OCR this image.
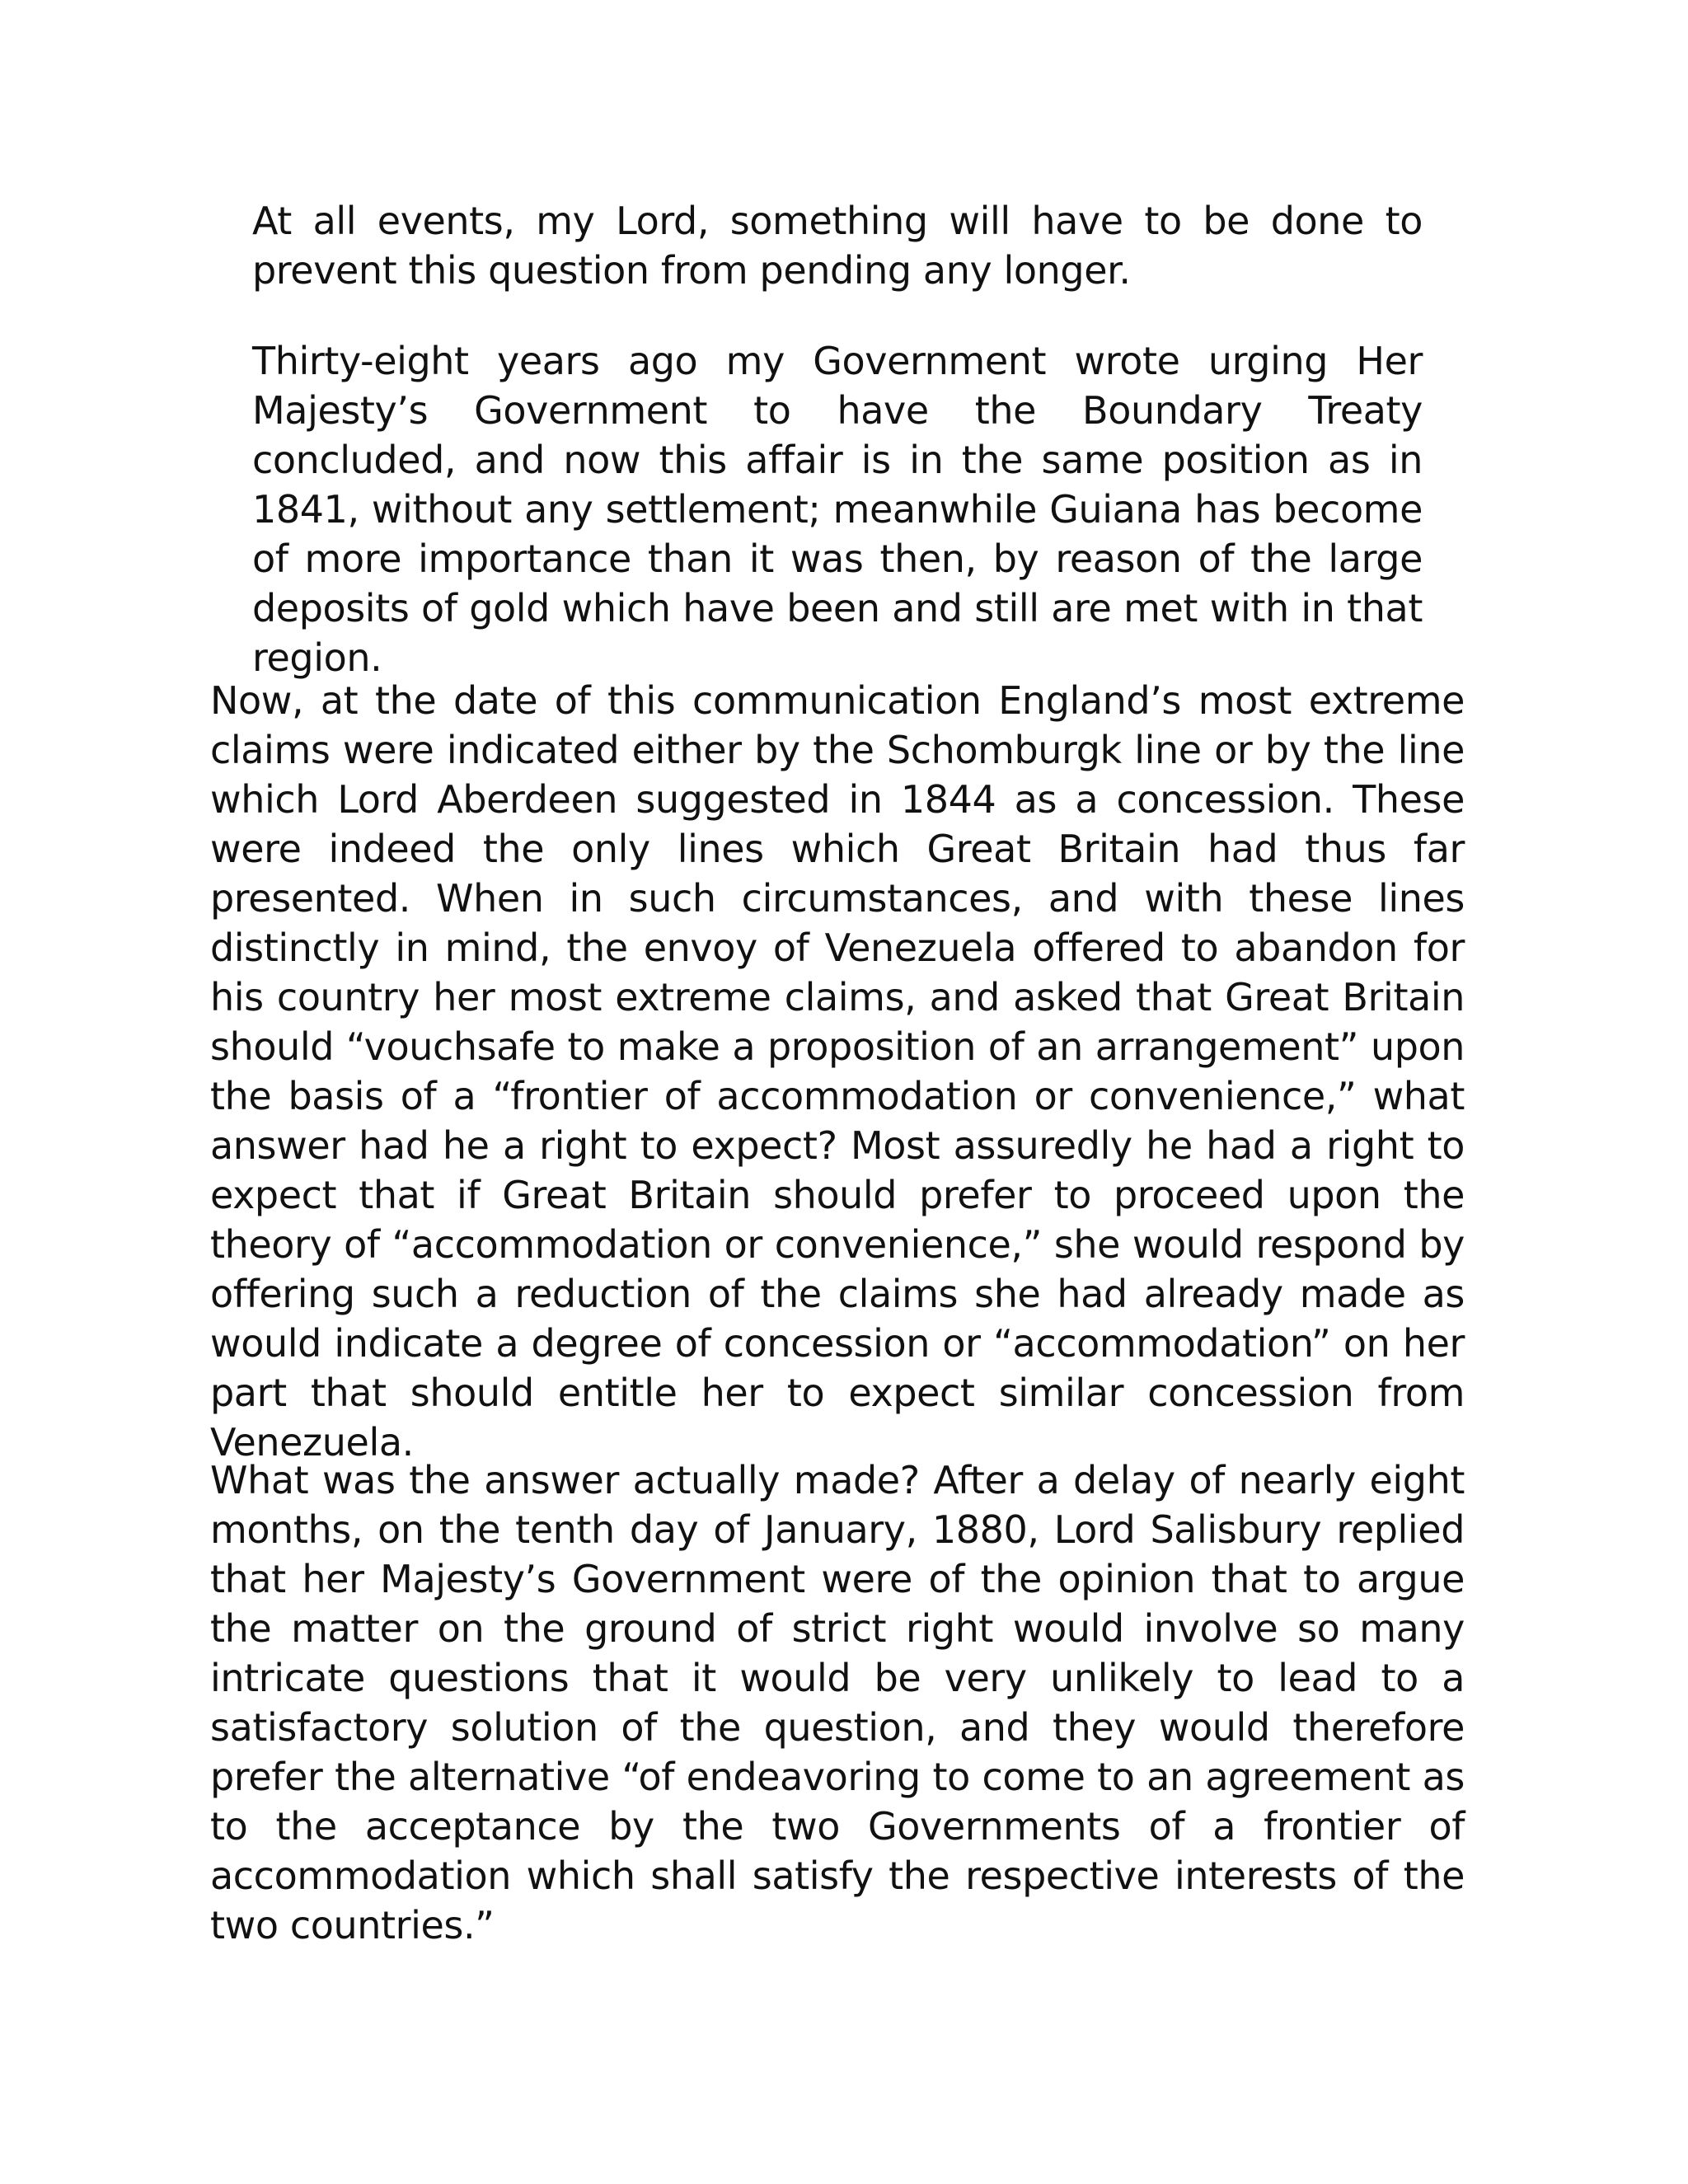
At all events, my Lord, something will have to be done to prevent this question from pending any longer.

Thirty-eight years ago my Government wrote urging Her Majesty’s Government to have the Boundary Treaty concluded, and now this affair is in the same position as in 1841, without any settlement; meanwhile Guiana has become of more importance than it was then, by reason of the large deposits of gold which have been and still are met with in that region.

Now, at the date of this communication England’s most extreme claims were indicated either by the Schomburgk line or by the line which Lord Aberdeen suggested in 1844 as a concession. These were indeed the only lines which Great Britain had thus far presented. When in such circumstances, and with these lines distinctly in mind, the envoy of Venezuela offered to abandon for his country her most extreme claims, and asked that Great Britain should “vouchsafe to make a proposition of an arrangement” upon the basis of a “frontier of accommodation or convenience,” what answer had he a right to expect? Most assuredly he had a right to expect that if Great Britain should prefer to proceed upon the theory of “accommodation or convenience,” she would respond by offering such a reduction of the claims she had already made as would indicate a degree of concession or “accommodation” on her part that should entitle her to expect similar concession from Venezuela.

What was the answer actually made? After a delay of nearly eight months, on the tenth day of January, 1880, Lord Salisbury replied that her Majesty’s Government were of the opinion that to argue the matter on the ground of strict right would involve so many intricate questions that it would be very unlikely to lead to a satisfactory solution of the question, and they would therefore prefer the alternative “of endeavoring to come to an agreement as to the acceptance by the two Governments of a frontier of accommodation which shall satisfy the respective interests of the two countries.”
